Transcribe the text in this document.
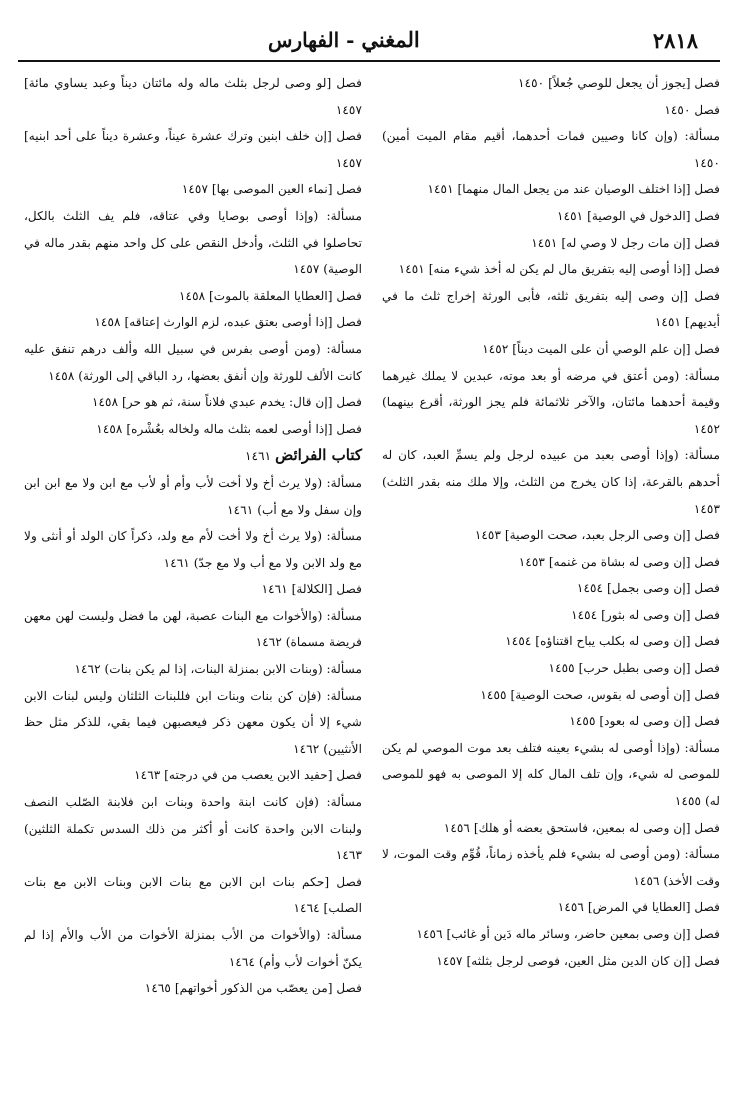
٢٨١٨
المغني - الفهارس

فصل [يجوز أن يجعل للوصي جُعلاً] ١٤٥٠

فصل ١٤٥٠

مسألة: (وإن كانا وصيين فمات أحدهما، أقيم مقام الميت أمين) ١٤٥٠

فصل [إذا اختلف الوصيان عند من يجعل المال منهما] ١٤٥١

فصل [الدخول في الوصية] ١٤٥١

فصل [إن مات رجل لا وصي له] ١٤٥١

فصل [إذا أوصى إليه بتفريق مال لم يكن له أخذ شيء منه] ١٤٥١

فصل [إن وصى إليه بتفريق ثلثه، فأبى الورثة إخراج ثلث ما في أيديهم] ١٤٥١

فصل [إن علم الوصي أن على الميت ديناً] ١٤٥٢

مسألة: (ومن أعتق في مرضه أو بعد موته، عبدين لا يملك غيرهما وقيمة أحدهما مائتان، والآخر ثلاثمائة فلم يجز الورثة، أقرع بينهما) ١٤٥٢

مسألة: (وإذا أوصى بعبد من عبيده لرجل ولم يسمِّ العبد، كان له أحدهم بالقرعة، إذا كان يخرج من الثلث، وإلا ملك منه بقدر الثلث) ١٤٥٣

فصل [إن وصى الرجل بعبد، صحت الوصية] ١٤٥٣

فصل [إن وصى له بشاة من غنمه] ١٤٥٣

فصل [إن وصى بجمل] ١٤٥٤

فصل [إن وصى له بثور] ١٤٥٤

فصل [إن وصى له بكلب يباح اقتناؤه] ١٤٥٤

فصل [إن وصى بطبل حرب] ١٤٥٥

فصل [إن أوصى له بقوس، صحت الوصية] ١٤٥٥

فصل [إن وصى له بعود] ١٤٥٥

مسألة: (وإذا أوصى له بشيء بعينه فتلف بعد موت الموصي لم يكن للموصى له شيء، وإن تلف المال كله إلا الموصى به فهو للموصى له) ١٤٥٥

فصل [إن وصى له بمعين، فاستحق بعضه أو هلك] ١٤٥٦

مسألة: (ومن أوصى له بشيء فلم يأخذه زماناً، قُوِّم وقت الموت، لا وقت الأخذ) ١٤٥٦

فصل [العطايا في المرض] ١٤٥٦

فصل [إن وصى بمعين حاضر، وسائر ماله دَين أو غائب] ١٤٥٦

فصل [إن كان الدين مثل العين، فوصى لرجل بثلثه] ١٤٥٧

فصل [لو وصى لرجل بثلث ماله وله مائتان ديناً وعبد يساوي مائة] ١٤٥٧

فصل [إن خلف ابنين وترك عشرة عيناً، وعشرة ديناً على أحد ابنيه] ١٤٥٧

فصل [نماء العين الموصى بها] ١٤٥٧

مسألة: (وإذا أوصى بوصايا وفي عتاقه، فلم يف الثلث بالكل، تحاصلوا في الثلث، وأدخل النقص على كل واحد منهم بقدر ماله في الوصية) ١٤٥٧

فصل [العطايا المعلقة بالموت] ١٤٥٨

فصل [إذا أوصى بعتق عبده، لزم الوارث إعتاقه] ١٤٥٨

مسألة: (ومن أوصى بفرس في سبيل الله وألف درهم تنفق عليه كانت الألف للورثة وإن أنفق بعضها، رد الباقي إلى الورثة) ١٤٥٨

فصل [إن قال: يخدم عبدي فلاناً سنة، ثم هو حر] ١٤٥٨

فصل [إذا أوصى لعمه بثلث ماله ولخاله بعُشْره] ١٤٥٨

كتاب الفرائض ١٤٦١

مسألة: (ولا يرث أخ ولا أخت لأب وأم أو لأب مع ابن ولا مع ابن ابن وإن سفل ولا مع أب) ١٤٦١

مسألة: (ولا يرث أخ ولا أخت لأم مع ولد، ذكراً كان الولد أو أنثى ولا مع ولد الابن ولا مع أب ولا مع جدّ) ١٤٦١

فصل [الكلالة] ١٤٦١

مسألة: (والأخوات مع البنات عصبة، لهن ما فضل وليست لهن معهن فريضة مسماة) ١٤٦٢

مسألة: (وبنات الابن بمنزلة البنات، إذا لم يكن بنات) ١٤٦٢

مسألة: (فإن كن بنات وبنات ابن فللبنات الثلثان وليس لبنات الابن شيء إلا أن يكون معهن ذكر فيعصبهن فيما بقي، للذكر مثل حظ الأنثيين) ١٤٦٢

فصل [حفيد الابن يعصب من في درجته] ١٤٦٣

مسألة: (فإن كانت ابنة واحدة وبنات ابن فلابنة الصّلب النصف ولبنات الابن واحدة كانت أو أكثر من ذلك السدس تكملة الثلثين) ١٤٦٣

فصل [حكم بنات ابن الابن مع بنات الابن وبنات الابن مع بنات الصلب] ١٤٦٤

مسألة: (والأخوات من الأب بمنزلة الأخوات من الأب والأم إذا لم يكنّ أخوات لأب وأم) ١٤٦٤

فصل [من يعصّب من الذكور أخواتهم] ١٤٦٥
